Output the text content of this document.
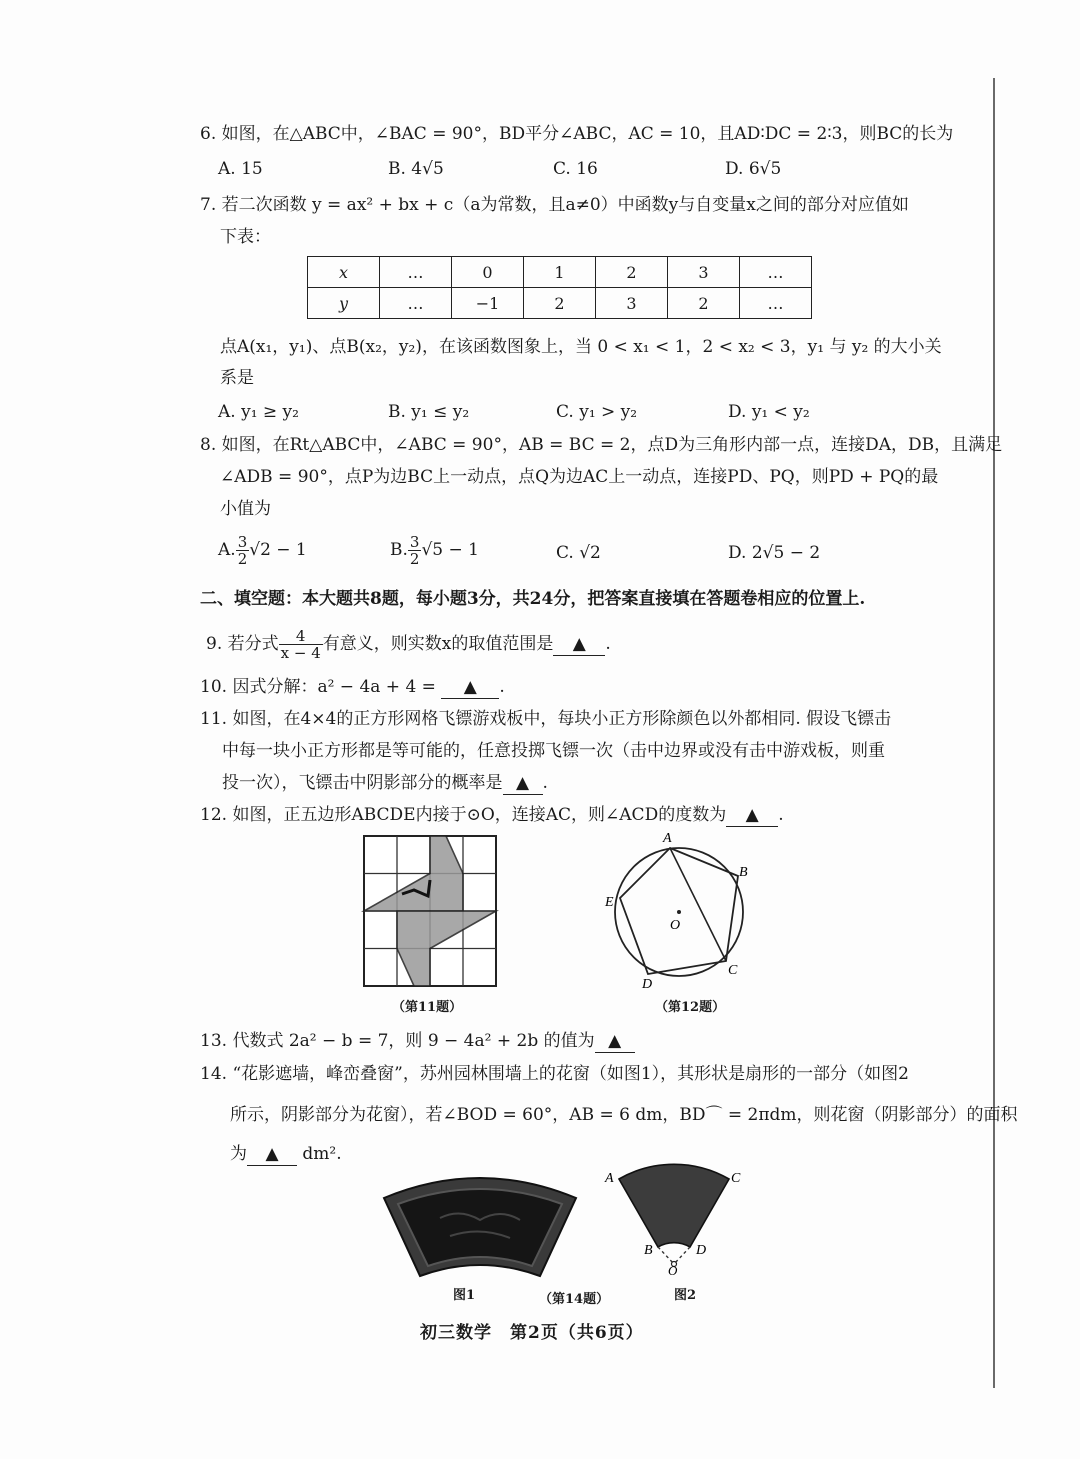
6. 如图，在△ABC中，∠BAC = 90°，BD平分∠ABC，AC = 10，且AD∶DC = 2∶3，则BC的长为
A. 15	B. 4√5	C. 16	D. 6√5
7. 若二次函数 y = ax² + bx + c（a为常数，且a≠0）中函数y与自变量x之间的部分对应值如
下表：
x	…	0	1	2	3	…
y	…	−1	2	3	2	…
点A(x₁，y₁)、点B(x₂，y₂)，在该函数图象上，当 0 < x₁ < 1，2 < x₂ < 3，y₁ 与 y₂ 的大小关
系是
A. y₁ ≥ y₂	B. y₁ ≤ y₂	C. y₁ > y₂	D. y₁ < y₂
8. 如图，在Rt△ABC中，∠ABC = 90°，AB = BC = 2，点D为三角形内部一点，连接DA，DB，且满足
∠ADB = 90°，点P为边BC上一动点，点Q为边AC上一动点，连接PD、PQ，则PD + PQ的最
小值为
A. $\frac{3}{2} √2 - 1$	B. $\frac{3}{2} √5 - 1$	C. √2	D. 2√5 − 2
二、填空题：本大题共8题，每小题3分，共24分，把答案直接填在答题卷相应的位置上.
9. 若分式 $\frac{4}{x - 4}$ 有意义，则实数x的取值范围是 ▲ .
10. 因式分解：a² − 4a + 4 = ▲ .
11. 如图，在4×4的正方形网格飞镖游戏板中，每块小正方形除颜色以外都相同. 假设飞镖击
中每一块小正方形都是等可能的，任意投掷飞镖一次（击中边界或没有击中游戏板，则重
投一次），飞镖击中阴影部分的概率是 ▲ .
12. 如图，正五边形ABCDE内接于⊙O，连接AC，则∠ACD的度数为 ▲ .
（第11题）
A
B
C
D
E
O
（第12题）
13. 代数式 2a² − b = 7，则 9 − 4a² + 2b 的值为 ▲
14. “花影遮墙，峰峦叠窗”，苏州园林围墙上的花窗（如图1），其形状是扇形的一部分（如图2
所示，阴影部分为花窗），若∠BOD = 60°，AB = 6 dm，BD⌒ = 2πdm，则花窗（阴影部分）的面积
为 ▲ dm².
图1	（第14题）
A	C
B	D
O
图2
初三数学　第2页（共6页）
